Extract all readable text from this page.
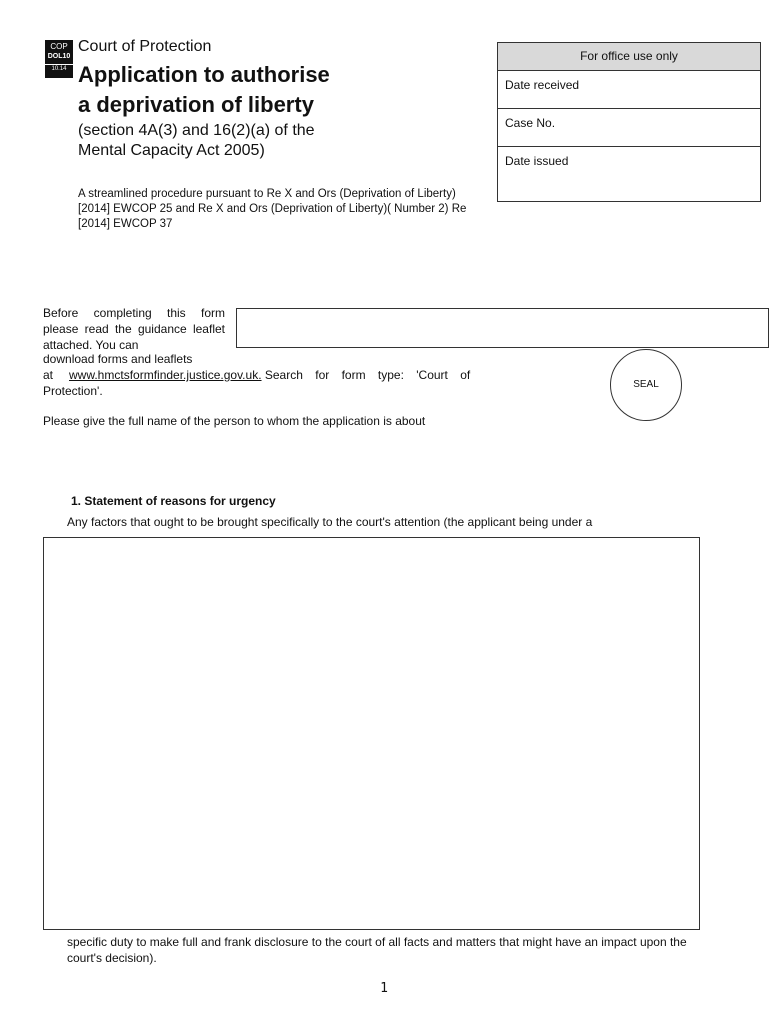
COP
DOL10
10.14
Court of Protection
Application to authorise
a deprivation of liberty
(section 4A(3) and 16(2)(a) of the
Mental Capacity Act 2005)
A streamlined procedure pursuant to Re X and Ors (Deprivation of Liberty) [2014] EWCOP 25 and Re X and Ors (Deprivation of Liberty)( Number 2) Re [2014] EWCOP 37
For office use only
Date received
Case No.
Date issued
Before completing this form please read the guidance leaflet attached. You can
download forms and leaflets
at www.hmctsformfinder.justice.gov.uk. Search for form type: 'Court of Protection'.	SEAL
Please give the full name of the person to whom the application is about
1. Statement of reasons for urgency
Any factors that ought to be brought specifically to the court's attention (the applicant being under a
specific duty to make full and frank disclosure to the court of all facts and matters that might have an impact upon the court's decision).
1
